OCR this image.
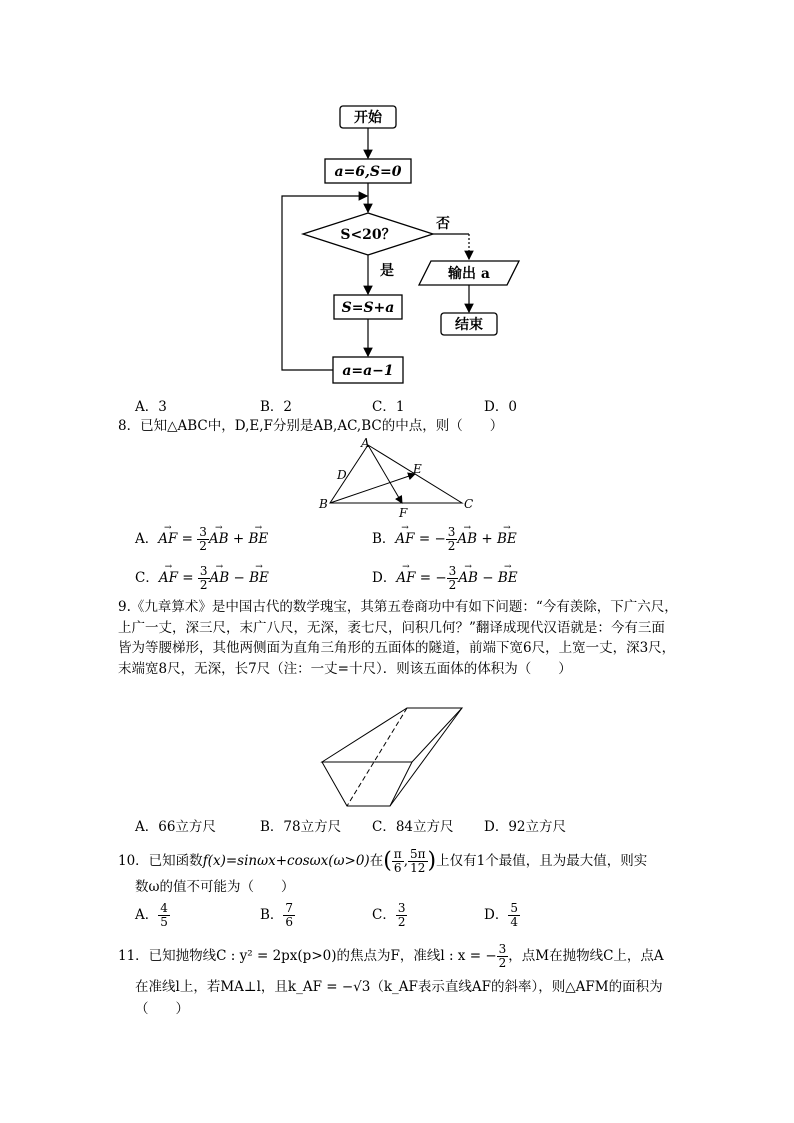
开始
a=6,S=0
S<20？
否
输出 a
结束
是
S=S+a
a=a−1
A．3	B．2	C．1	D．0
8．已知△ABC中，D,E,F分别是AB,AC,BC的中点，则（　　）
A
D	E
B	C
F
A．→ AF = $\frac{3}{2}$ → AB + → BE	B．→ AF = − $\frac{3}{2}$ → AB + → BE
C．→ AF = $\frac{3}{2}$ → AB − → BE	D．→ AF = − $\frac{3}{2}$ → AB − → BE
9.《九章算术》是中国古代的数学瑰宝，其第五卷商功中有如下问题：“今有羡除，下广六尺，上广一丈，深三尺，末广八尺，无深，袤七尺，问积几何？”翻译成现代汉语就是：今有三面皆为等腰梯形，其他两侧面为直角三角形的五面体的隧道，前端下宽6尺，上宽一丈，深3尺，末端宽8尺，无深，长7尺（注：一丈=十尺）．则该五面体的体积为（　　）
A．66立方尺	B．78立方尺 C．84立方尺 D．92立方尺
10．已知函数f(x)=sinωx+cosωx(ω>0)在( $\frac{\pi}{6}$ , $\frac{5\pi}{12}$ )上仅有1个最值，且为最大值，则实
数ω的值不可能为（　　）
A． $\frac{4}{5}$	B． $\frac{7}{6}$	C． $\frac{3}{2}$	D． $\frac{5}{4}$
11．已知抛物线C : y² = 2px(p>0)的焦点为F，准线l : x = − $\frac{3}{2}$ ，点M在抛物线C上，点A
在准线l上，若MA⊥l，且k_AF = −√3（k_AF表示直线AF的斜率），则△AFM的面积为
（　　）
